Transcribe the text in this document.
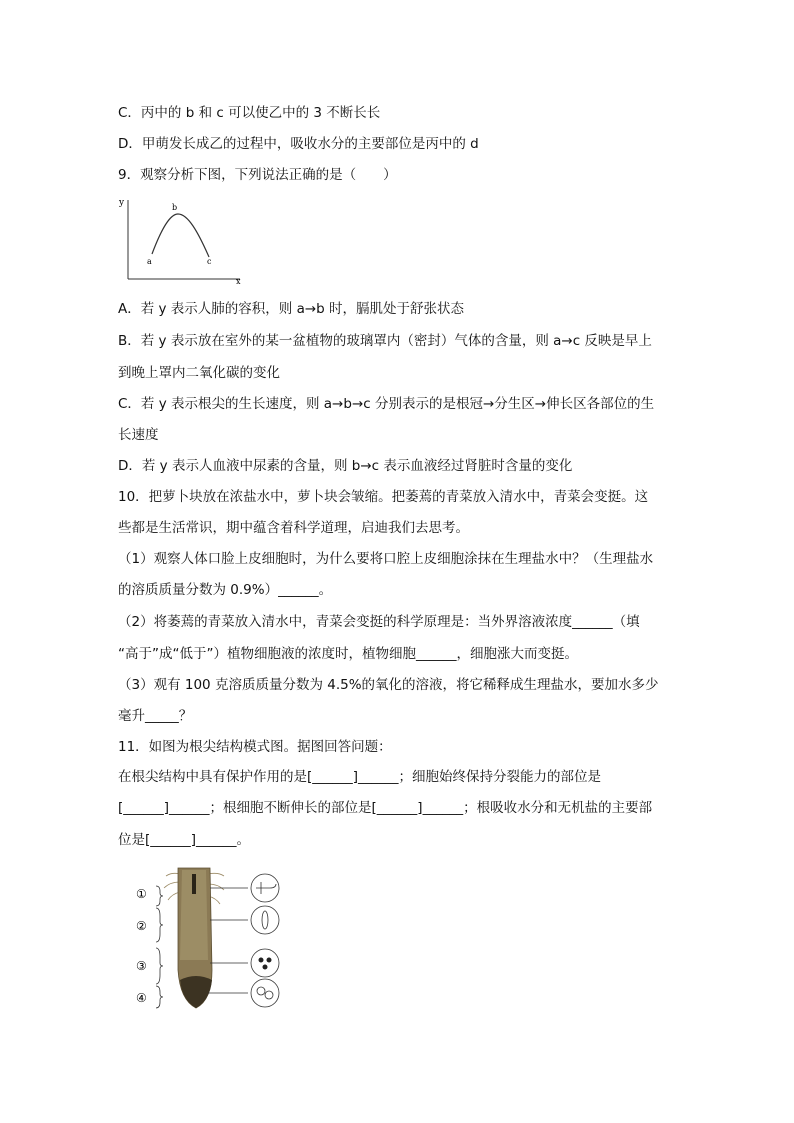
C．丙中的 b 和 c 可以使乙中的 3 不断长长
D．甲萌发长成乙的过程中，吸收水分的主要部位是丙中的 d
9．观察分析下图，下列说法正确的是（　　）
A．若 y 表示人肺的容积，则 a→b 时，膈肌处于舒张状态
B．若 y 表示放在室外的某一盆植物的玻璃罩内（密封）气体的含量，则 a→c 反映是早上
到晚上罩内二氧化碳的变化
C．若 y 表示根尖的生长速度，则 a→b→c 分别表示的是根冠→分生区→伸长区各部位的生
长速度
D．若 y 表示人血液中尿素的含量，则 b→c 表示血液经过肾脏时含量的变化
10．把萝卜块放在浓盐水中，萝卜块会皱缩。把萎蔫的青菜放入清水中，青菜会变挺。这
些都是生活常识，期中蕴含着科学道理，启迪我们去思考。
（1）观察人体口脸上皮细胞时，为什么要将口腔上皮细胞涂抹在生理盐水中？（生理盐水
的溶质质量分数为 0.9%）______。
（2）将萎蔫的青菜放入清水中，青菜会变挺的科学原理是：当外界溶液浓度______（填
“高于”成“低于”）植物细胞液的浓度时，植物细胞______，细胞涨大而变挺。
（3）观有 100 克溶质质量分数为 4.5%的氧化的溶液，将它稀释成生理盐水，要加水多少
毫升_____？
11．如图为根尖结构模式图。据图回答问题：
在根尖结构中具有保护作用的是[______]______；细胞始终保持分裂能力的部位是
[______]______；根细胞不断伸长的部位是[______]______；根吸收水分和无机盐的主要部
位是[______]______。
y
x
a
b
c
①
②
③
④
